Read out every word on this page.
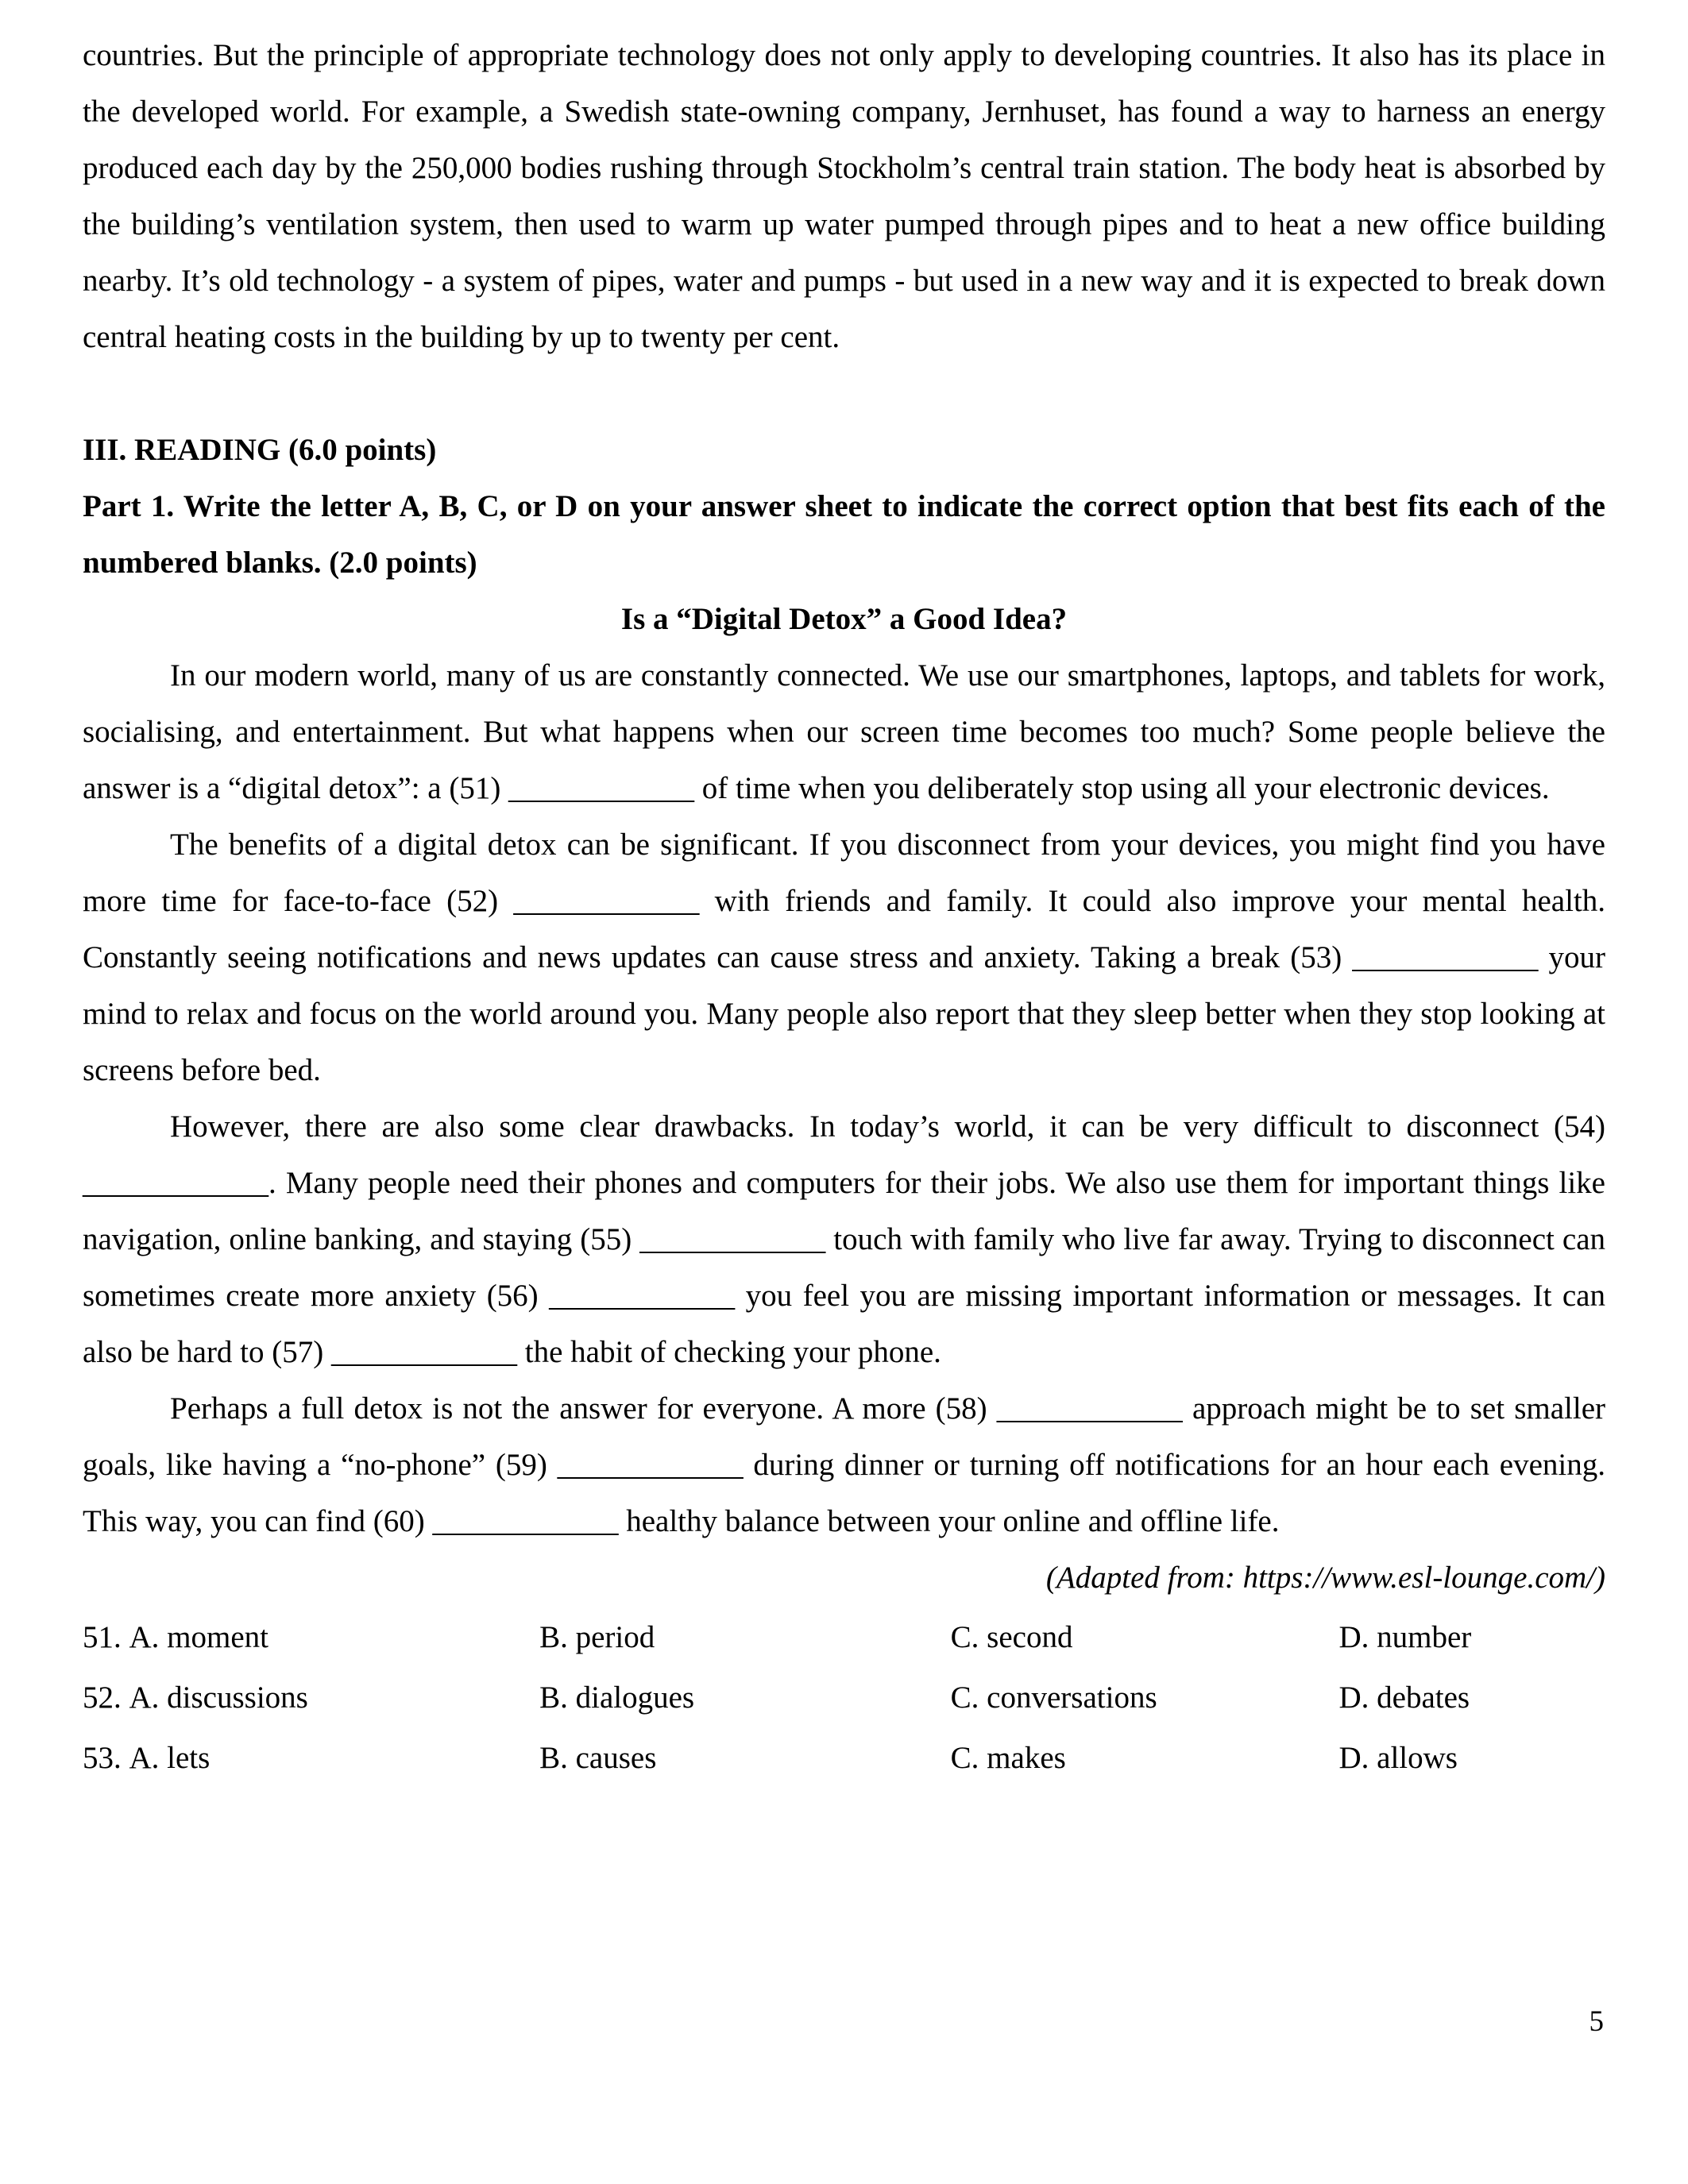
countries. But the principle of appropriate technology does not only apply to developing countries. It also has its place in the developed world. For example, a Swedish state-owning company, Jernhuset, has found a way to harness an energy produced each day by the 250,000 bodies rushing through Stockholm’s central train station. The body heat is absorbed by the building’s ventilation system, then used to warm up water pumped through pipes and to heat a new office building nearby. It’s old technology - a system of pipes, water and pumps - but used in a new way and it is expected to break down central heating costs in the building by up to twenty per cent.

III. READING (6.0 points)

Part 1. Write the letter A, B, C, or D on your answer sheet to indicate the correct option that best fits each of the numbered blanks. (2.0 points)

Is a “Digital Detox” a Good Idea?

In our modern world, many of us are constantly connected. We use our smartphones, laptops, and tablets for work, socialising, and entertainment. But what happens when our screen time becomes too much? Some people believe the answer is a “digital detox”: a (51) ____________ of time when you deliberately stop using all your electronic devices.

The benefits of a digital detox can be significant. If you disconnect from your devices, you might find you have more time for face-to-face (52) ____________ with friends and family. It could also improve your mental health. Constantly seeing notifications and news updates can cause stress and anxiety. Taking a break (53) ____________ your mind to relax and focus on the world around you. Many people also report that they sleep better when they stop looking at screens before bed.

However, there are also some clear drawbacks. In today’s world, it can be very difficult to disconnect (54) ____________. Many people need their phones and computers for their jobs. We also use them for important things like navigation, online banking, and staying (55) ____________ touch with family who live far away. Trying to disconnect can sometimes create more anxiety (56) ____________ you feel you are missing important information or messages. It can also be hard to (57) ____________ the habit of checking your phone.

Perhaps a full detox is not the answer for everyone. A more (58) ____________ approach might be to set smaller goals, like having a “no-phone” (59) ____________ during dinner or turning off notifications for an hour each evening. This way, you can find (60) ____________ healthy balance between your online and offline life.

(Adapted from: https://www.esl-lounge.com/)

51. A. moment	B. period	C. second	D. number
52. A. discussions	B. dialogues	C. conversations	D. debates
53. A. lets	B. causes	C. makes	D. allows
5
